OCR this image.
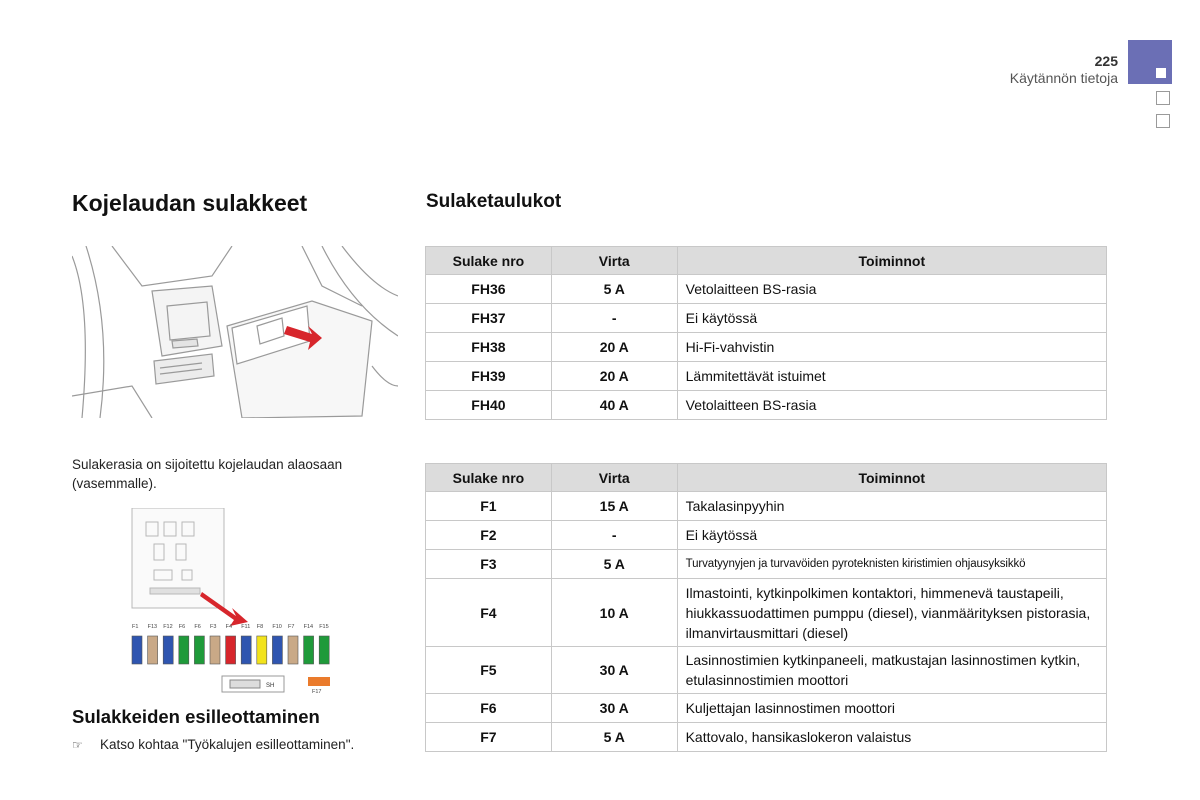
225
Käytännön tietoja
Kojelaudan sulakkeet
Sulakerasia on sijoitettu kojelaudan alaosaan (vasemmalle).
F1 F13 F12 F6 F6 F3 F4 F11 F8 F10 F7 F14 F15
SH
F17
Sulakkeiden esilleottaminen
☞ Katso kohtaa "Työkalujen esilleottaminen".
Sulaketaulukot
Sulake nro	Virta	Toiminnot
FH36	5 A	Vetolaitteen BS-rasia
FH37	-	Ei käytössä
FH38	20 A	Hi-Fi-vahvistin
FH39	20 A	Lämmitettävät istuimet
FH40	40 A	Vetolaitteen BS-rasia
Sulake nro	Virta	Toiminnot
F1	15 A	Takalasinpyyhin
F2	-	Ei käytössä
F3	5 A	Turvatyynyjen ja turvavöiden pyroteknisten kiristimien ohjausyksikkö
F4	10 A	Ilmastointi, kytkinpolkimen kontaktori, himmenevä taustapeili, hiukkassuodattimen pumppu (diesel), vianmäärityksen pistorasia, ilmanvirtausmittari (diesel)
F5	30 A	Lasinnostimien kytkinpaneeli, matkustajan lasinnostimen kytkin, etulasinnostimien moottori
F6	30 A	Kuljettajan lasinnostimen moottori
F7	5 A	Kattovalo, hansikaslokeron valaistus
